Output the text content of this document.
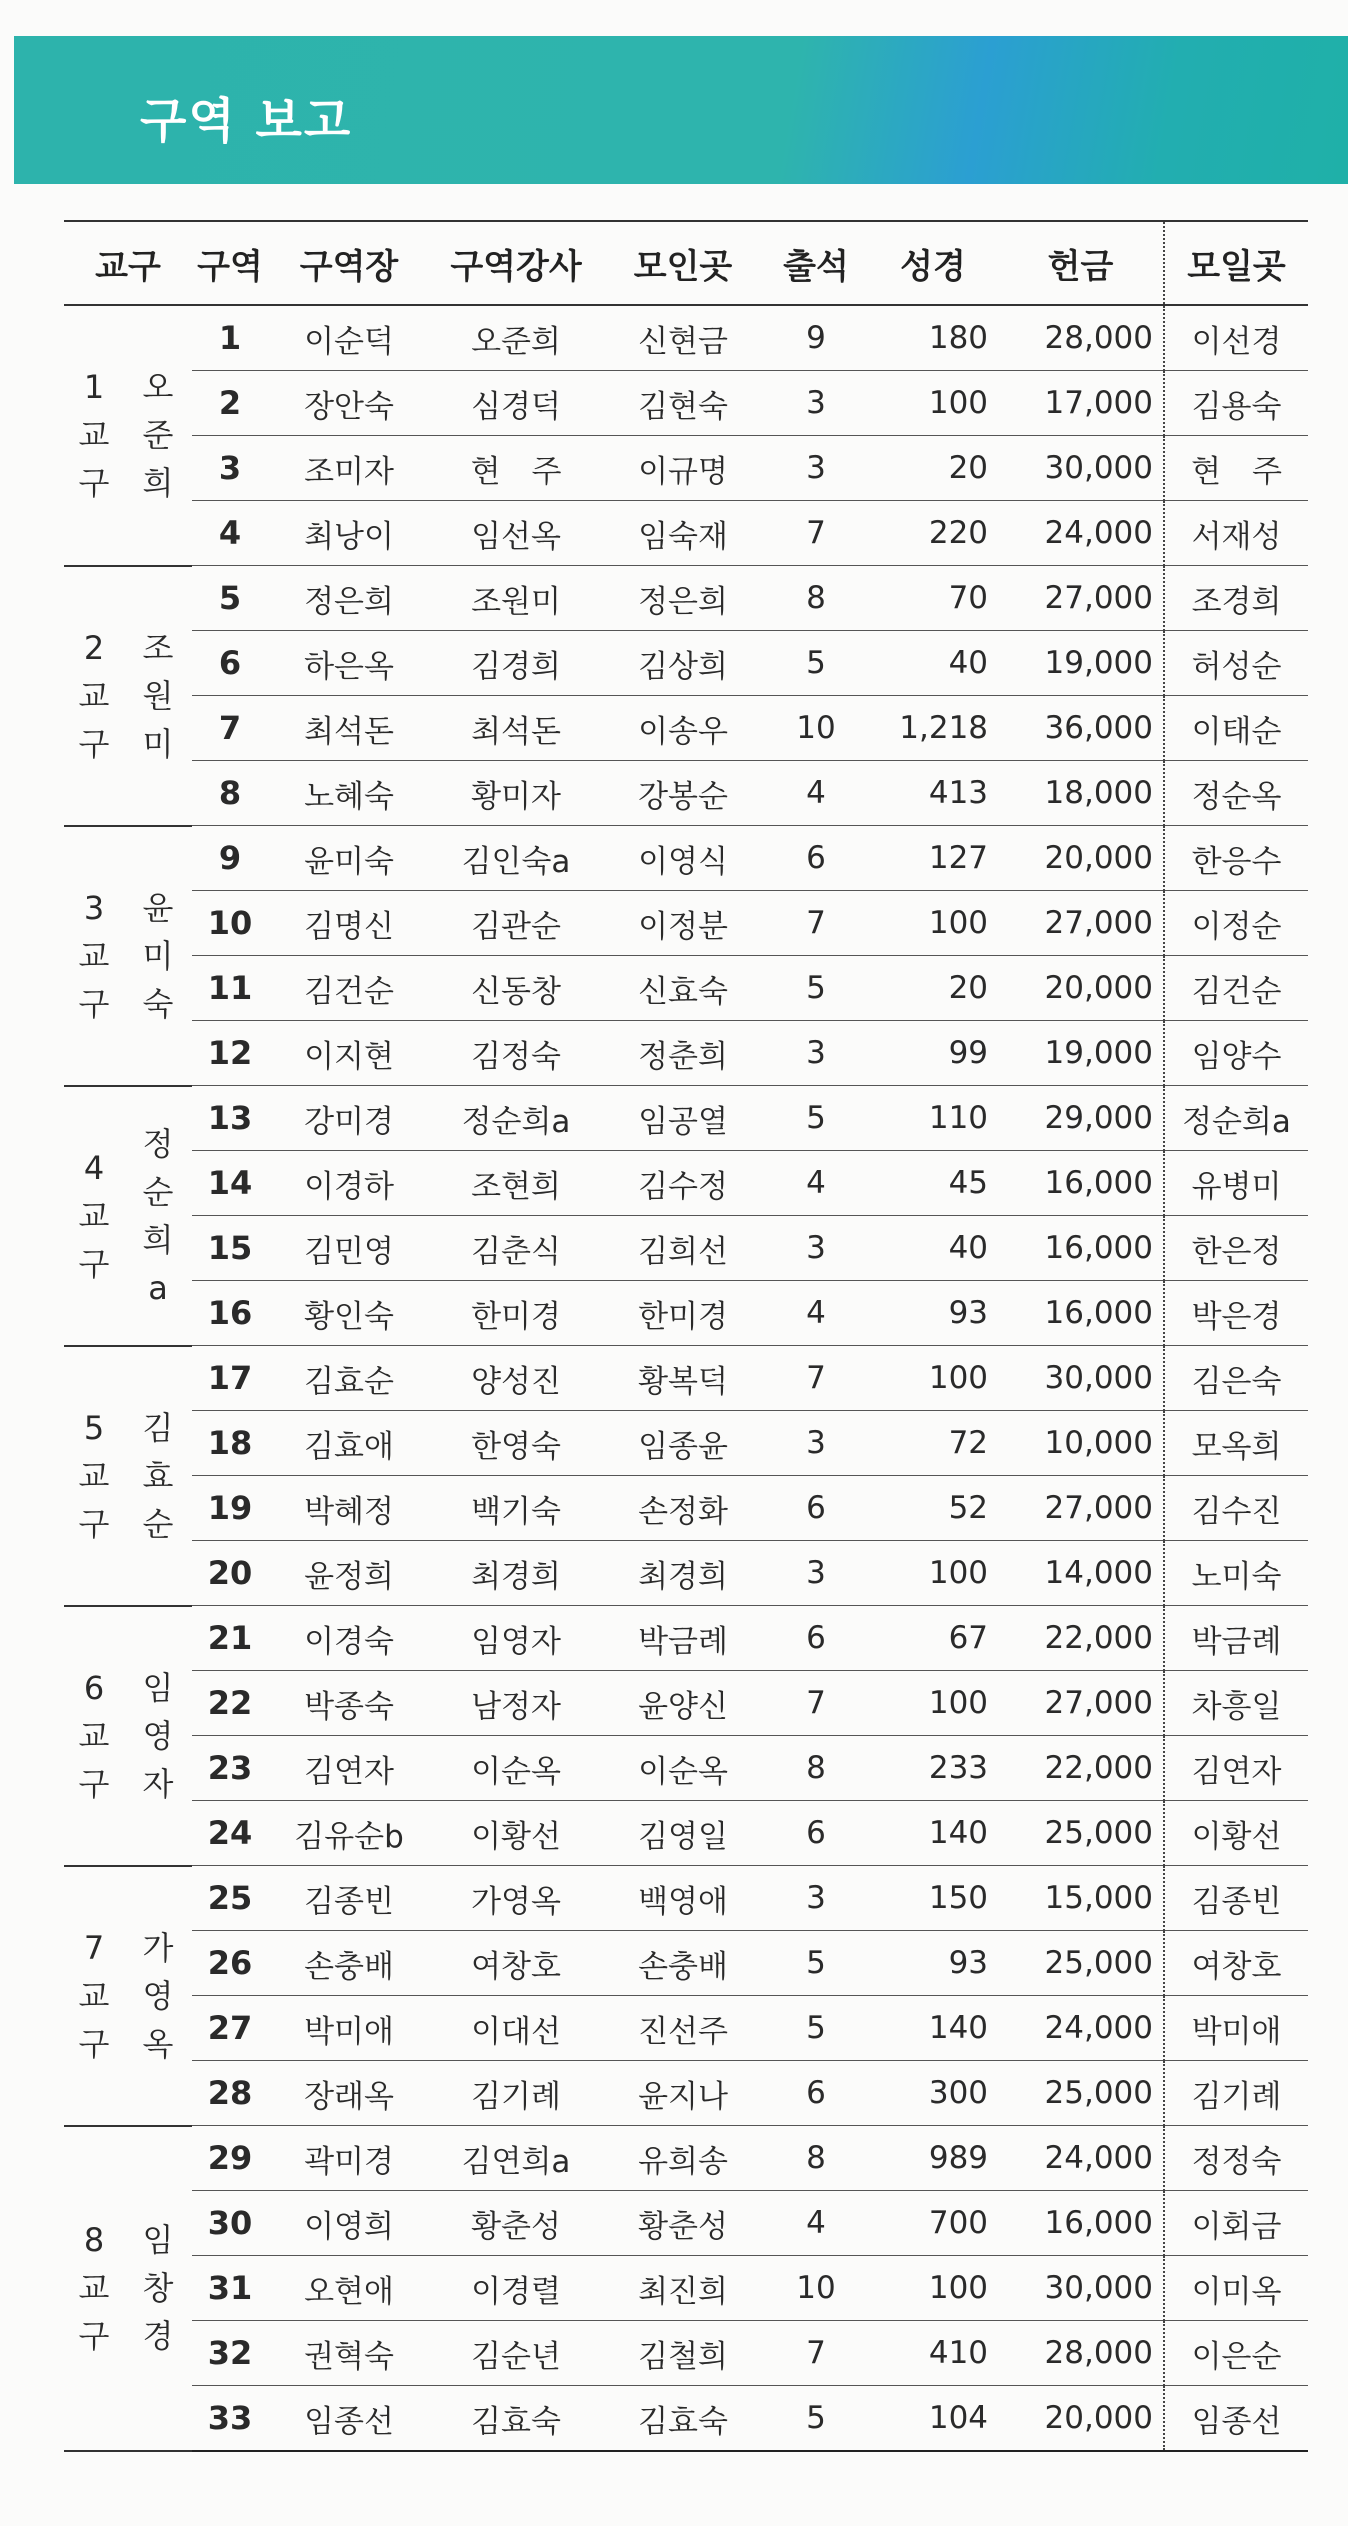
구역 보고
교구		구역	구역장	구역강사	모인곳	출석	성경	헌금	모일곳
1교구	오준희	1	이순덕	오준희	신현금	9	180	28,000	이선경
		2	장안숙	심경덕	김현숙	3	100	17,000	김용숙
		3	조미자	현　주	이규명	3	20	30,000	현　주
		4	최낭이	임선옥	임숙재	7	220	24,000	서재성
2교구	조원미	5	정은희	조원미	정은희	8	70	27,000	조경희
		6	하은옥	김경희	김상희	5	40	19,000	허성순
		7	최석돈	최석돈	이송우	10	1,218	36,000	이태순
		8	노혜숙	황미자	강봉순	4	413	18,000	정순옥
3교구	윤미숙	9	윤미숙	김인숙a	이영식	6	127	20,000	한응수
		10	김명신	김관순	이정분	7	100	27,000	이정순
		11	김건순	신동창	신효숙	5	20	20,000	김건순
		12	이지현	김정숙	정춘희	3	99	19,000	임양수
4교구	정순희a	13	강미경	정순희a	임공열	5	110	29,000	정순희a
		14	이경하	조현희	김수정	4	45	16,000	유병미
		15	김민영	김춘식	김희선	3	40	16,000	한은정
		16	황인숙	한미경	한미경	4	93	16,000	박은경
5교구	김효순	17	김효순	양성진	황복덕	7	100	30,000	김은숙
		18	김효애	한영숙	임종윤	3	72	10,000	모옥희
		19	박혜정	백기숙	손정화	6	52	27,000	김수진
		20	윤정희	최경희	최경희	3	100	14,000	노미숙
6교구	임영자	21	이경숙	임영자	박금례	6	67	22,000	박금례
		22	박종숙	남정자	윤양신	7	100	27,000	차흥일
		23	김연자	이순옥	이순옥	8	233	22,000	김연자
		24	김유순b	이황선	김영일	6	140	25,000	이황선
7교구	가영옥	25	김종빈	가영옥	백영애	3	150	15,000	김종빈
		26	손충배	여창호	손충배	5	93	25,000	여창호
		27	박미애	이대선	진선주	5	140	24,000	박미애
		28	장래옥	김기례	윤지나	6	300	25,000	김기례
8교구	임창경	29	곽미경	김연희a	유희송	8	989	24,000	정정숙
		30	이영희	황춘성	황춘성	4	700	16,000	이회금
		31	오현애	이경렬	최진희	10	100	30,000	이미옥
		32	권혁숙	김순년	김철희	7	410	28,000	이은순
		33	임종선	김효숙	김효숙	5	104	20,000	임종선
